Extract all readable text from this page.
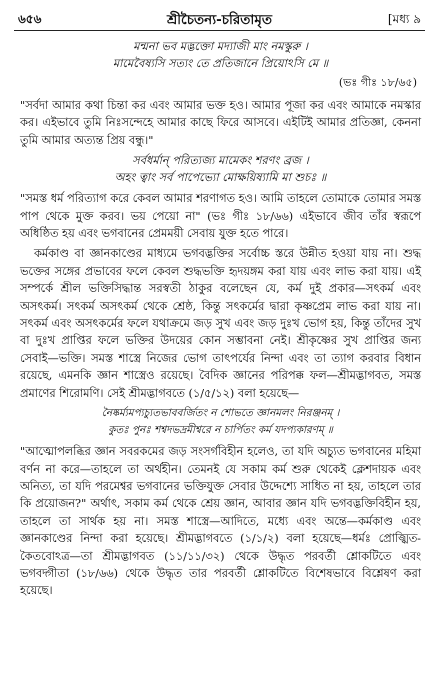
৬৫৬	শ্রীচৈতন্য-চরিতামৃত	[মধ্য ৯

মন্মনা ভব মদ্ভক্তো মদ্যাজী মাং নমস্কুরু ।

মামেবৈষ্যসি সত্যং তে প্রতিজানে প্রিয়োঽসি মে ॥

(ভঃ গীঃ ১৮/৬৫)

"সর্বদা আমার কথা চিন্তা কর এবং আমার ভক্ত হও। আমার পূজা কর এবং আমাকে নমস্কার কর। এইভাবে তুমি নিঃসন্দেহে আমার কাছে ফিরে আসবে। এইটিই আমার প্রতিজ্ঞা, কেননা তুমি আমার অত্যন্ত প্রিয় বন্ধু।"

সর্বধর্মান্ পরিত্যজ্য মামেকং শরণং ব্রজ ।

অহং ত্বাং সর্ব পাপেভ্যো মোক্ষয়িষ্যামি মা শুচঃ ॥

"সমস্ত ধর্ম পরিত্যাগ করে কেবল আমার শরণাগত হও। আমি তাহলে তোমাকে তোমার সমস্ত পাপ থেকে মুক্ত করব। ভয় পেয়ো না" (ভঃ গীঃ ১৮/৬৬) এইভাবে জীব তাঁর স্বরূপে অধিষ্ঠিত হয় এবং ভগবানের প্রেমময়ী সেবায় যুক্ত হতে পারে।

কর্মকাণ্ড বা জ্ঞানকাণ্ডের মাধ্যমে ভগবদ্ভক্তির সর্বোচ্চ স্তরে উন্নীত হওয়া যায় না। শুদ্ধ ভক্তের সঙ্গের প্রভাবের ফলে কেবল শুদ্ধভক্তি হৃদয়ঙ্গম করা যায় এবং লাভ করা যায়। এই সম্পর্কে শ্রীল ভক্তিসিদ্ধান্ত সরস্বতী ঠাকুর বলেছেন যে, কর্ম দুই প্রকার—সৎকর্ম এবং অসৎকর্ম। সৎকর্ম অসৎকর্ম থেকে শ্রেষ্ঠ, কিন্তু সৎকর্মের দ্বারা কৃষ্ণপ্রেম লাভ করা যায় না। সৎকর্ম এবং অসৎকর্মের ফলে যথাক্রমে জড় সুখ এবং জড় দুঃখ ভোগ হয়, কিন্তু তাঁদের সুখ বা দুঃখ প্রাপ্তির ফলে ভক্তির উদয়ের কোন সম্ভাবনা নেই। শ্রীকৃষ্ণের সুখ প্রাপ্তির জন্য সেবাই—ভক্তি। সমস্ত শাস্ত্রে নিজের ভোগ তাৎপর্যের নিন্দা এবং তা ত্যাগ করবার বিধান রয়েছে, এমনকি জ্ঞান শাস্ত্রেও রয়েছে। বৈদিক জ্ঞানের পরিপক্ক ফল—শ্রীমদ্ভাগবত, সমস্ত প্রমাণের শিরোমণি। সেই শ্রীমদ্ভাগবতে (১/৫/১২) বলা হয়েছে—

নৈষ্কর্ম্যমপ্যচ্যুতভাববর্জিতং ন শোভতে জ্ঞানমলং নিরঞ্জনম্ ।

কুতঃ পুনঃ শশ্বদভদ্রমীশ্বরে ন চার্পিতং কর্ম যদপ্যকারণম্ ॥

"আত্মোপলব্ধির জ্ঞান সবরকমের জড় সংসর্গবিহীন হলেও, তা যদি অচ্যুত ভগবানের মহিমা বর্ণন না করে—তাহলে তা অর্থহীন। তেমনই যে সকাম কর্ম শুরু থেকেই ক্লেশদায়ক এবং অনিত্য, তা যদি পরমেশ্বর ভগবানের ভক্তিযুক্ত সেবার উদ্দেশ্যে সাধিত না হয়, তাহলে তার কি প্রয়োজন?" অর্থাৎ, সকাম কর্ম থেকে শ্রেয় জ্ঞান, আবার জ্ঞান যদি ভগবদ্ভক্তিবিহীন হয়, তাহলে তা সার্থক হয় না। সমস্ত শাস্ত্রে—আদিতে, মধ্যে এবং অন্তে—কর্মকাণ্ড এবং জ্ঞানকাণ্ডের নিন্দা করা হয়েছে। শ্রীমদ্ভাগবতে (১/১/২) বলা হয়েছে—ধর্মঃ প্রোজ্ঝিত-কৈতবোঽত্র—তা শ্রীমদ্ভাগবত (১১/১১/৩২) থেকে উদ্ধৃত পরবর্তী শ্লোকটিতে এবং ভগবদ্গীতা (১৮/৬৬) থেকে উদ্ধৃত তার পরবর্তী শ্লোকটিতে বিশেষভাবে বিশ্লেষণ করা হয়েছে।
